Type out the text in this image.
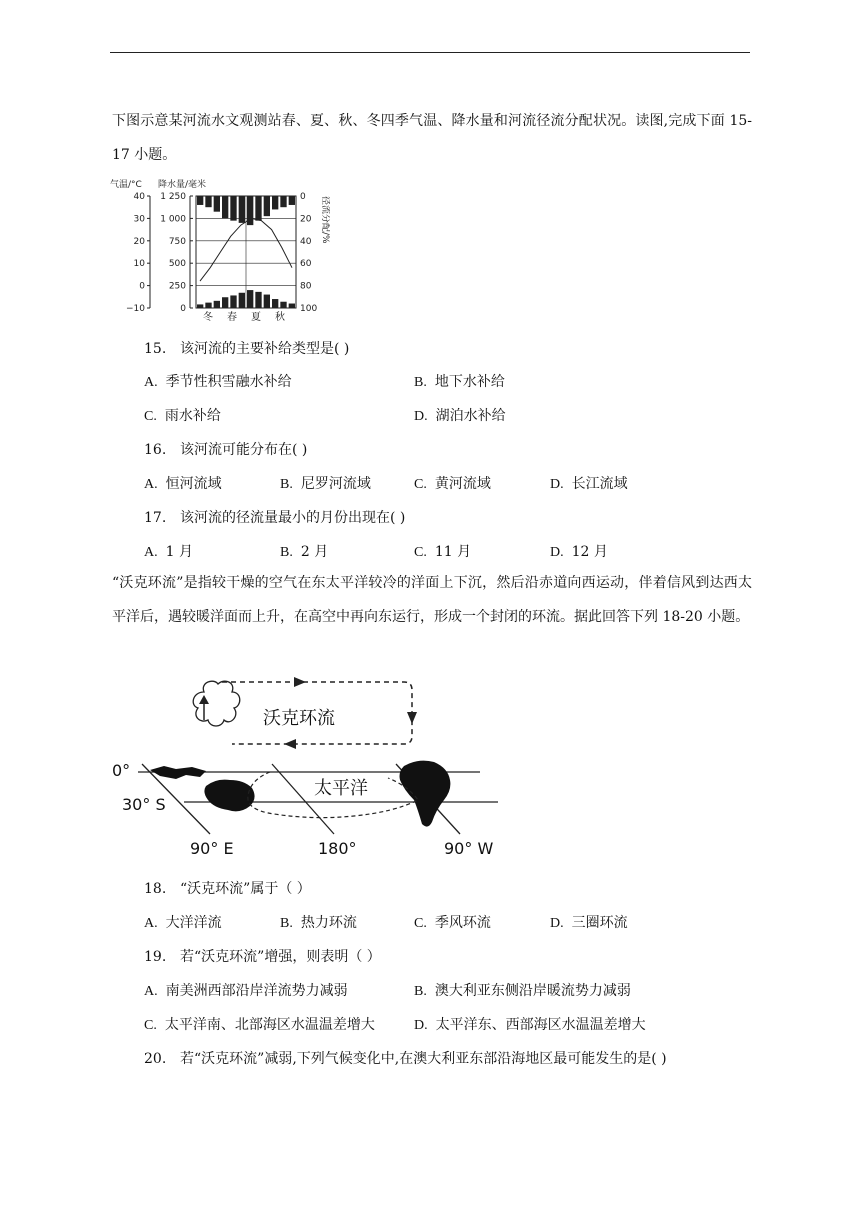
下图示意某河流水文观测站春、夏、秋、冬四季气温、降水量和河流径流分配状况。读图,完成下面 15-17 小题。
气温/°C 降水量/毫米
40
30
20
10
0
−10
1 250
1 000
750
500
250
0
0
20
40
60
80
100
径流分配/%
冬 春 夏 秋
15. 该河流的主要补给类型是( )
A. 季节性积雪融水补给	B. 地下水补给
C. 雨水补给	D. 湖泊水补给
16. 该河流可能分布在( )
A. 恒河流域	B. 尼罗河流域	C. 黄河流域	D. 长江流域
17. 该河流的径流量最小的月份出现在( )
A. 1 月	B. 2 月	C. 11 月	D. 12 月
“沃克环流”是指较干燥的空气在东太平洋较冷的洋面上下沉，然后沿赤道向西运动，伴着信风到达西太平洋后，遇较暖洋面而上升，在高空中再向东运行，形成一个封闭的环流。据此回答下列 18-20 小题。
沃克环流
0°
30° S
太平洋
90° E	180°	90° W
18. “沃克环流”属于（ ）
A. 大洋洋流	B. 热力环流	C. 季风环流	D. 三圈环流
19. 若“沃克环流”增强，则表明（ ）
A. 南美洲西部沿岸洋流势力减弱	B. 澳大利亚东侧沿岸暖流势力减弱
C. 太平洋南、北部海区水温温差增大	D. 太平洋东、西部海区水温温差增大
20. 若“沃克环流”减弱,下列气候变化中,在澳大利亚东部沿海地区最可能发生的是( )
